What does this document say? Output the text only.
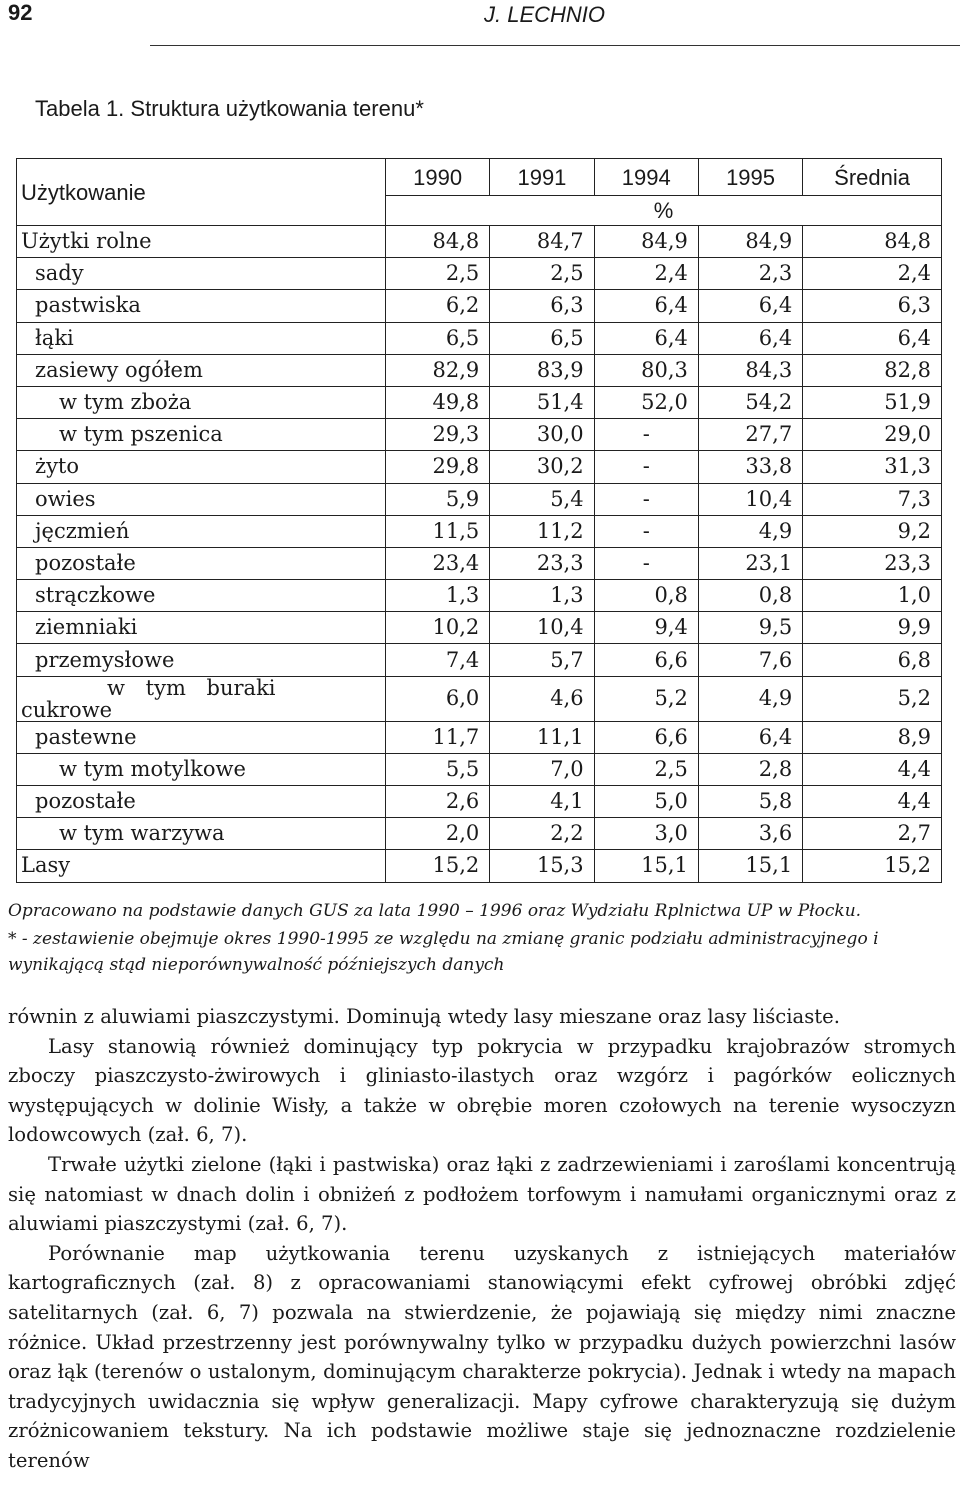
92	J. LECHNIO
Tabela 1. Struktura użytkowania terenu*
Użytkowanie	1990	1991	1994	1995	Średnia
	%				
Użytki rolne	84,8	84,7	84,9	84,9	84,8
sady	2,5	2,5	2,4	2,3	2,4
pastwiska	6,2	6,3	6,4	6,4	6,3
łąki	6,5	6,5	6,4	6,4	6,4
zasiewy ogółem	82,9	83,9	80,3	84,3	82,8
w tym zboża	49,8	51,4	52,0	54,2	51,9
w tym pszenica	29,3	30,0	-	27,7	29,0
żyto	29,8	30,2	-	33,8	31,3
owies	5,9	5,4	-	10,4	7,3
jęczmień	11,5	11,2	-	4,9	9,2
pozostałe	23,4	23,3	-	23,1	23,3
strączkowe	1,3	1,3	0,8	0,8	1,0
ziemniaki	10,2	10,4	9,4	9,5	9,9
przemysłowe	7,4	5,7	6,6	7,6	6,8

w tym buraki
cukrowe	6,0	4,6	5,2	4,9	5,2
pastewne	11,7	11,1	6,6	6,4	8,9
w tym motylkowe	5,5	7,0	2,5	2,8	4,4
pozostałe	2,6	4,1	5,0	5,8	4,4
w tym warzywa	2,0	2,2	3,0	3,6	2,7
Lasy	15,2	15,3	15,1	15,1	15,2
Opracowano na podstawie danych GUS za lata 1990 – 1996 oraz Wydziału Rplnictwa UP w Płocku.
* - zestawienie obejmuje okres 1990-1995 ze względu na zmianę granic podziału administracyjnego i wynikającą stąd nieporównywalność późniejszych danych

równin z aluwiami piaszczystymi. Dominują wtedy lasy mieszane oraz lasy liściaste.

Lasy stanowią również dominujący typ pokrycia w przypadku krajobrazów stromych zboczy piaszczysto-żwirowych i gliniasto-ilastych oraz wzgórz i pagórków eolicznych występujących w dolinie Wisły, a także w obrębie moren czołowych na terenie wysoczyzn lodowcowych (zał. 6, 7).

Trwałe użytki zielone (łąki i pastwiska) oraz łąki z zadrzewieniami i zaroślami koncentrują się natomiast w dnach dolin i obniżeń z podłożem torfowym i namułami organicznymi oraz z aluwiami piaszczystymi (zał. 6, 7).

Porównanie map użytkowania terenu uzyskanych z istniejących materiałów kartograficznych (zał. 8) z opracowaniami stanowiącymi efekt cyfrowej obróbki zdjęć satelitarnych (zał. 6, 7) pozwala na stwierdzenie, że pojawiają się między nimi znaczne różnice. Układ przestrzenny jest porównywalny tylko w przypadku dużych powierzchni lasów oraz łąk (terenów o ustalonym, dominującym charakterze pokrycia). Jednak i wtedy na mapach tradycyjnych uwidacznia się wpływ generalizacji. Mapy cyfrowe charakteryzują się dużym zróżnicowaniem tekstury. Na ich podstawie możliwe staje się jednoznaczne rozdzielenie terenów
